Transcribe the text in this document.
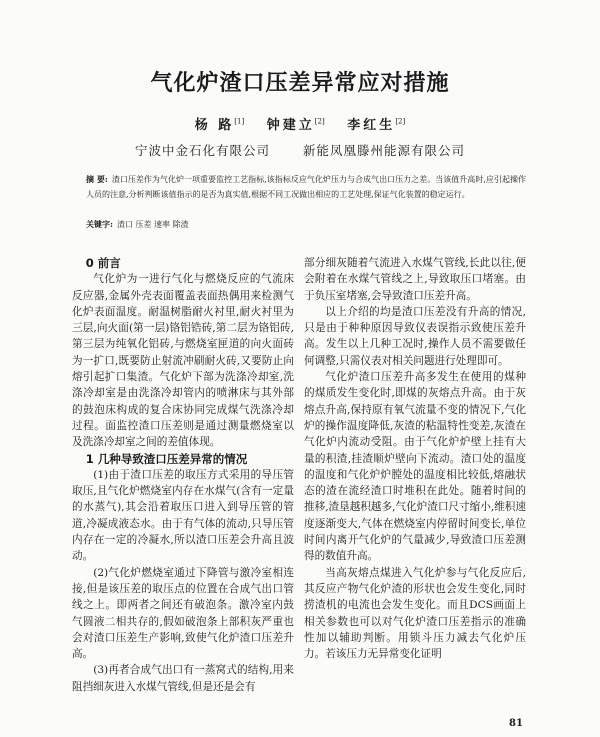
气化炉渣口压差异常应对措施
杨 路[1] 钟建立[2] 李红生[2]
宁波中金石化有限公司	新能凤凰滕州能源有限公司
摘 要: 渣口压差作为气化炉一项重要监控工艺指标,该指标反应气化炉压力与合成气出口压力之差。当该值升高时,应引起操作人员的注意,分析判断该值指示的是否为真实值,根据不同工况做出相应的工艺处理,保证气化装置的稳定运行。
关键字: 渣口 压差 速率 除渣
0 前言

气化炉为一进行气化与燃烧反应的气流床反应器,金属外壳表面覆盖表面热偶用来检测气化炉表面温度。耐温树脂耐火衬里,耐火衬里为三层,向火面(第一层)铬铝锆砖,第二层为铬铝砖,第三层为纯氧化铝砖,与燃烧室匣道的向火面砖为一扩口,既要防止射流冲刷耐火砖,又要防止向熔引起扩口集渣。气化炉下部为洗涤冷却室,洗涤冷却室是由洗涤冷却管内的喷淋床与其外部的鼓泡床构成的复合床协同完成煤气洗涤冷却过程。面监控渣口压差则是通过测量燃烧室以及洗涤冷却室之间的差值体现。

1 几种导致渣口压差异常的情况

(1)由于渣口压差的取压方式采用的导压管取压,且气化炉燃烧室内存在水煤气(含有一定量的水蒸气),其会沿着取压口进入到导压管的管道,冷凝成液态水。由于有气体的流动,只导压管内存在一定的冷凝水,所以渣口压差会升高且波动。

(2)气化炉燃烧室通过下降管与激冷室相连接,但是该压差的取压点的位置在合成气出口管线之上。即两者之间还有破泡条。激冷室内鼓气圆液二相共存的,假如破泡条上部积灰严重也会对渣口压差生产影响,致使气化炉渣口压差升高。

(3)再者合成气出口有一蒸窝式的结构,用来阻挡细灰进入水煤气管线,但是还是会有

部分细灰随着气流进入水煤气管线,长此以往,便会附着在水煤气管线之上,导致取压口堵塞。由于负压室堵塞,会导致渣口压差升高。

以上介绍的均是渣口压差没有升高的情况,只是由于种种原因导致仪表误指示致使压差升高。发生以上几种工况时,操作人员不需要做任何调整,只需仪表对相关问题进行处理即可。

气化炉渣口压差升高多发生在使用的煤种的煤质发生变化时,即煤的灰熔点升高。由于灰熔点升高,保持原有氧气流量不变的情况下,气化炉的操作温度降低,灰渣的粘温特性变差,灰渣在气化炉内流动受阻。由于气化炉炉壁上挂有大量的积渣,挂渣顺炉壁向下流动。渣口处的温度的温度和气化炉炉膛处的温度相比较低,熔融状态的渣在流经渣口时堆积在此处。随着时间的推移,渣垦越积越多,气化炉渣口尺寸缩小,维积速度逐渐变大,气体在燃烧室内停留时间变长,单位时间内离开气化炉的气量减少,导致渣口压差测得的数值升高。

当高灰熔点煤进入气化炉参与气化反应后,其反应产物气化炉渣的形状也会发生变化,同时捞渣机的电流也会发生变化。而且DCS画面上相关参数也可以对气化炉渣口压差指示的准确性加以辅助判断。用锁斗压力减去气化炉压力。若该压力无异常变化证明

81
